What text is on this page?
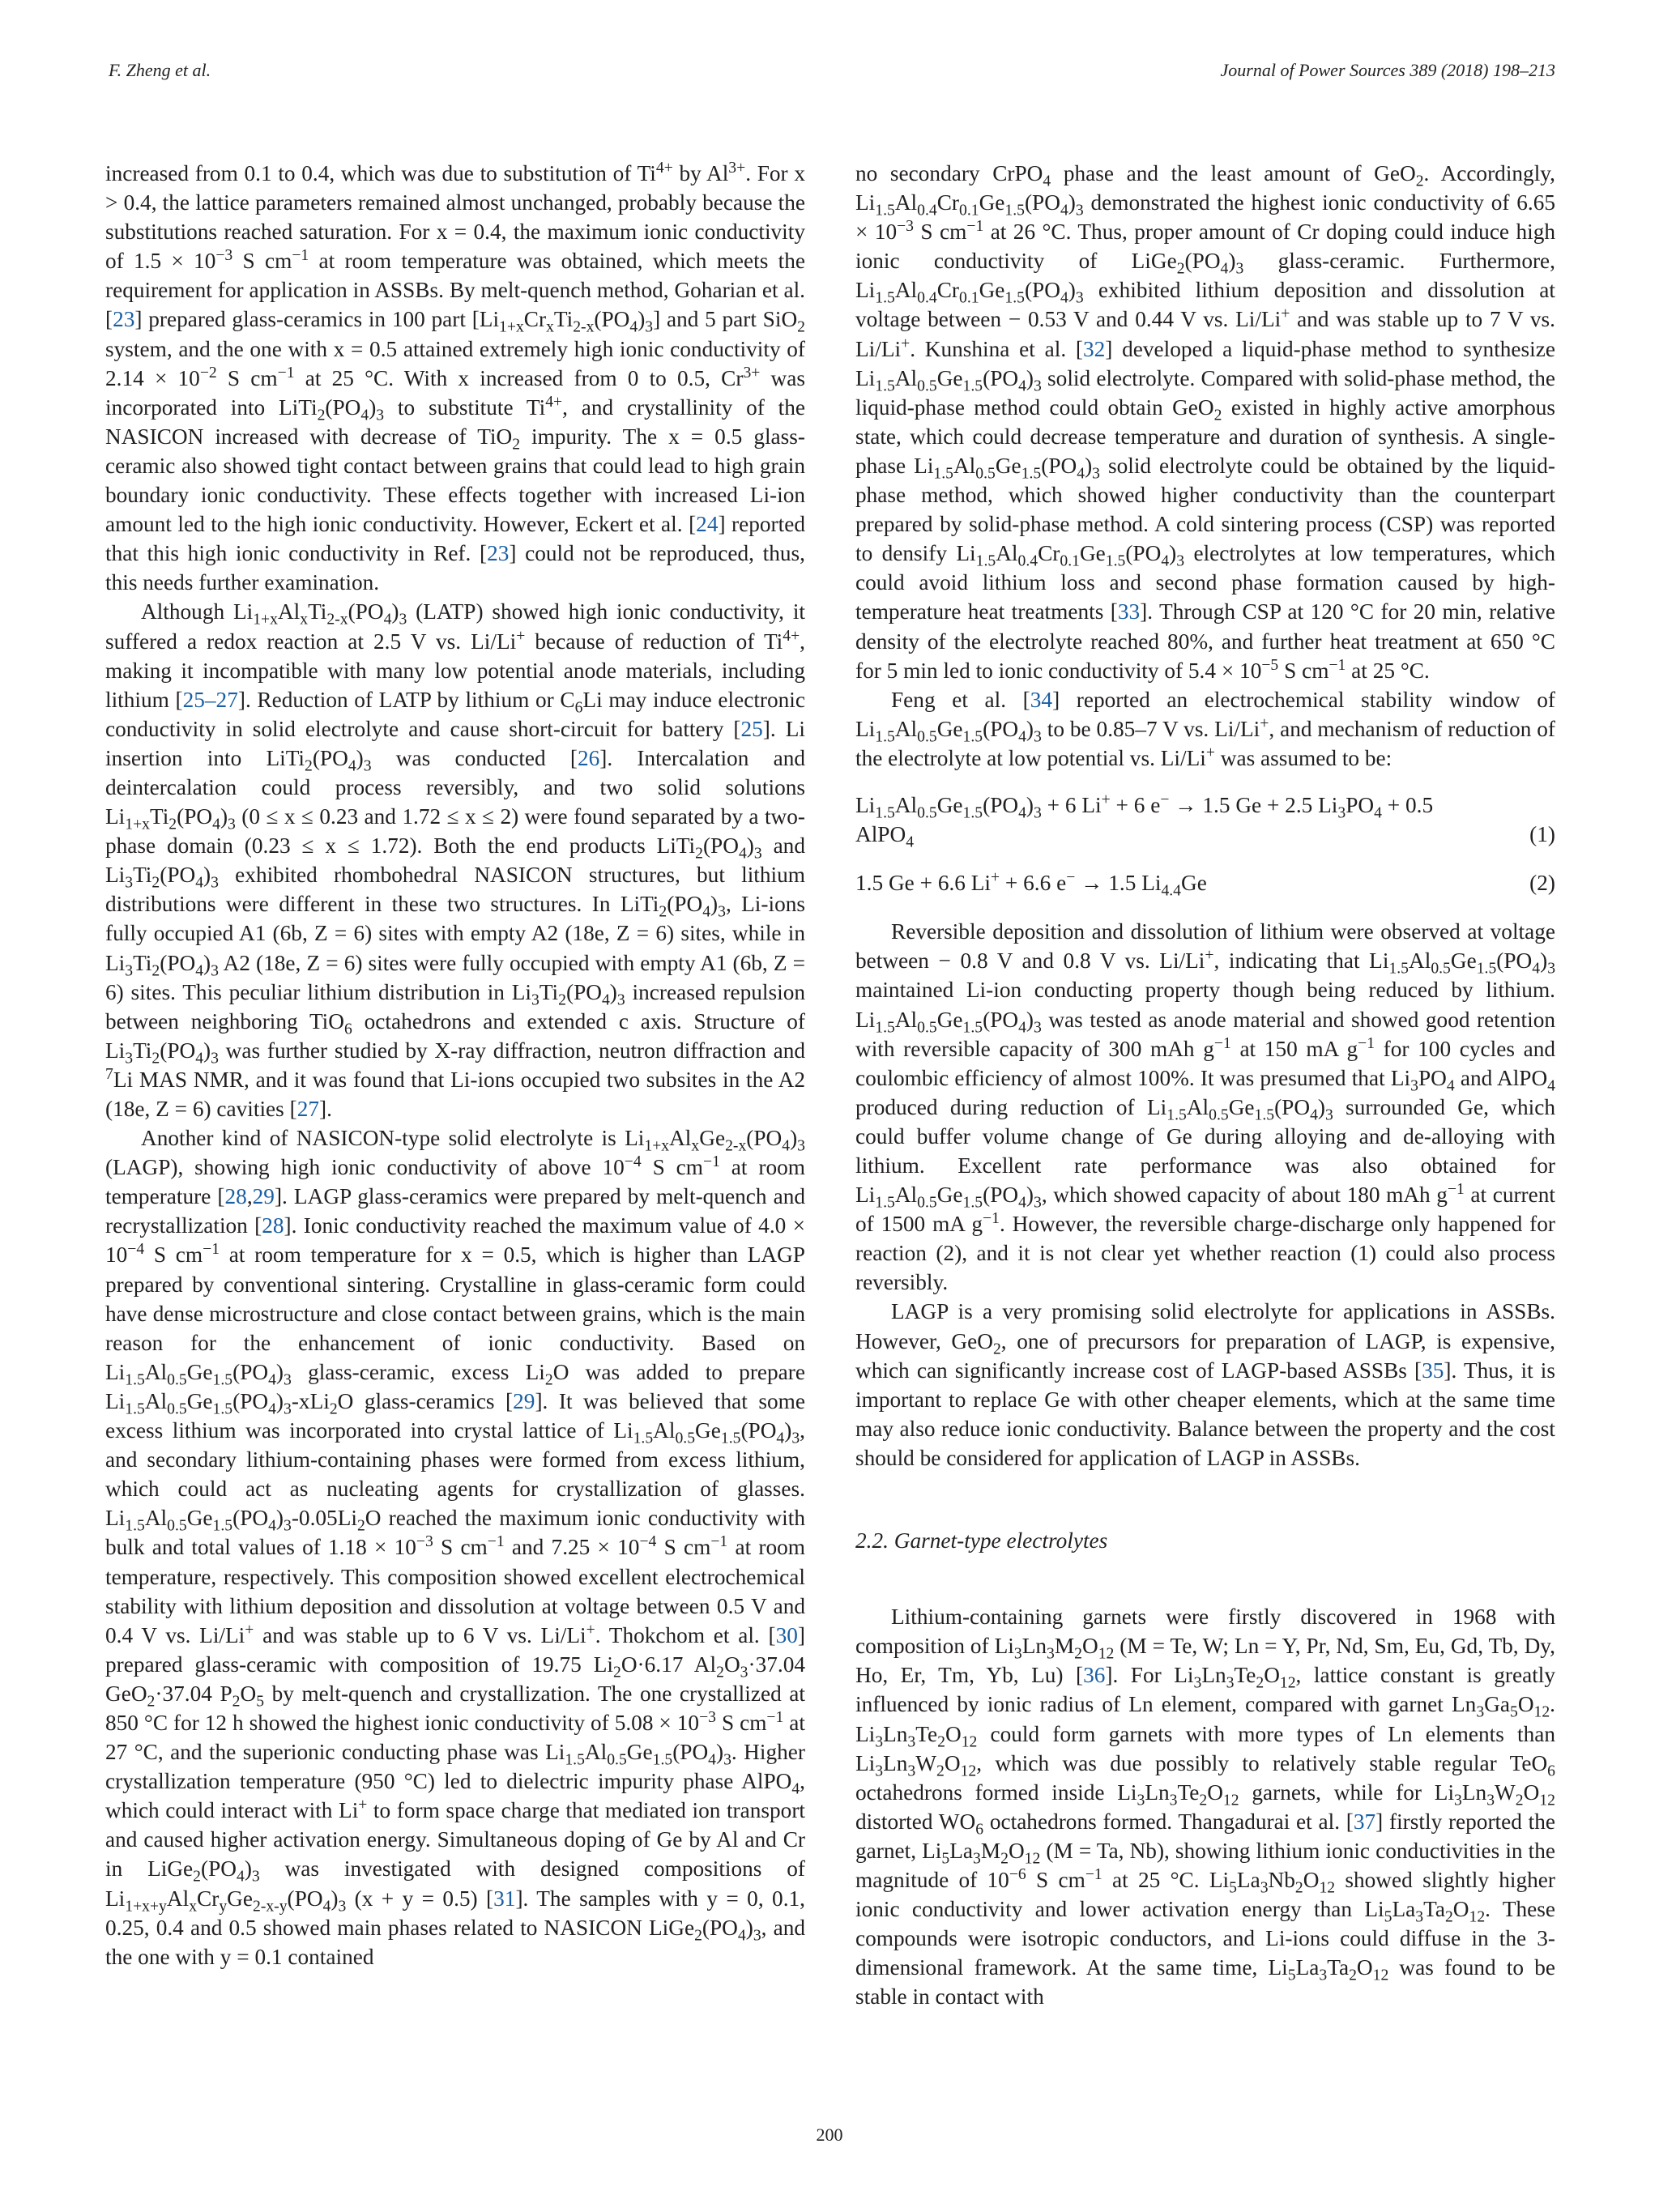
F. Zheng et al.	Journal of Power Sources 389 (2018) 198–213

increased from 0.1 to 0.4, which was due to substitution of $Ti^{4+}$ by $Al^{3+}$. For x > 0.4, the lattice parameters remained almost unchanged, probably because the substitutions reached saturation. For x = 0.4, the maximum ionic conductivity of $1.5 \times 10^{-3}$ S $cm^{-1}$ at room temperature was obtained, which meets the requirement for application in ASSBs. By melt-quench method, Goharian et al. [23] prepared glass-ceramics in 100 part $[Li_{1+x}Cr_xTi_{2-x}(PO_4)_3]$ and 5 part SiO$_2$ system, and the one with x = 0.5 attained extremely high ionic conductivity of $2.14 \times 10^{-2}$ S $cm^{-1}$ at 25 °C. With x increased from 0 to 0.5, $Cr^{3+}$ was incorporated into $LiTi_2(PO_4)_3$ to substitute $Ti^{4+}$, and crystallinity of the NASICON increased with decrease of TiO$_2$ impurity. The x = 0.5 glass-ceramic also showed tight contact between grains that could lead to high grain boundary ionic conductivity. These effects together with increased Li-ion amount led to the high ionic conductivity. However, Eckert et al. [24] reported that this high ionic conductivity in Ref. [23] could not be reproduced, thus, this needs further examination.

Although $Li_{1+x}Al_xTi_{2-x}(PO_4)_3$ (LATP) showed high ionic conductivity, it suffered a redox reaction at 2.5 V vs. Li/Li+ because of reduction of $Ti^{4+}$, making it incompatible with many low potential anode materials, including lithium [25–27]. Reduction of LATP by lithium or $C_6Li$ may induce electronic conductivity in solid electrolyte and cause short-circuit for battery [25]. Li insertion into $LiTi_2(PO_4)_3$ was conducted [26]. Intercalation and deintercalation could process reversibly, and two solid solutions $Li_{1+x}Ti_2(PO_4)_3$ (0 ≤ x ≤ 0.23 and 1.72 ≤ x ≤ 2) were found separated by a two-phase domain (0.23 ≤ x ≤ 1.72). Both the end products $LiTi_2(PO_4)_3$ and $Li_3Ti_2(PO_4)_3$ exhibited rhombohedral NASICON structures, but lithium distributions were different in these two structures. In $LiTi_2(PO_4)_3$, Li-ions fully occupied A1 (6b, Z = 6) sites with empty A2 (18e, Z = 6) sites, while in $Li_3Ti_2(PO_4)_3$ A2 (18e, Z = 6) sites were fully occupied with empty A1 (6b, Z = 6) sites. This peculiar lithium distribution in $Li_3Ti_2(PO_4)_3$ increased repulsion between neighboring TiO$_6$ octahedrons and extended c axis. Structure of $Li_3Ti_2(PO_4)_3$ was further studied by X-ray diffraction, neutron diffraction and $^7$Li MAS NMR, and it was found that Li-ions occupied two subsites in the A2 (18e, Z = 6) cavities [27].

Another kind of NASICON-type solid electrolyte is $Li_{1+x}Al_xGe_{2-x}(PO_4)_3$ (LAGP), showing high ionic conductivity of above $10^{-4}$ S $cm^{-1}$ at room temperature [28,29]. LAGP glass-ceramics were prepared by melt-quench and recrystallization [28]. Ionic conductivity reached the maximum value of $4.0 \times 10^{-4}$ S $cm^{-1}$ at room temperature for x = 0.5, which is higher than LAGP prepared by conventional sintering. Crystalline in glass-ceramic form could have dense microstructure and close contact between grains, which is the main reason for the enhancement of ionic conductivity. Based on $Li_{1.5}Al_{0.5}Ge_{1.5}(PO_4)_3$ glass-ceramic, excess $Li_2O$ was added to prepare $Li_{1.5}Al_{0.5}Ge_{1.5}(PO_4)_3-xLi_2O$ glass-ceramics [29]. It was believed that some excess lithium was incorporated into crystal lattice of $Li_{1.5}Al_{0.5}Ge_{1.5}(PO_4)_3$, and secondary lithium-containing phases were formed from excess lithium, which could act as nucleating agents for crystallization of glasses. $Li_{1.5}Al_{0.5}Ge_{1.5}(PO_4)_3-0.05Li_2O$ reached the maximum ionic conductivity with bulk and total values of $1.18 \times 10^{-3}$ S $cm^{-1}$ and $7.25 \times 10^{-4}$ S $cm^{-1}$ at room temperature, respectively. This composition showed excellent electrochemical stability with lithium deposition and dissolution at voltage between 0.5 V and 0.4 V vs. Li/Li+ and was stable up to 6 V vs. Li/Li+. Thokchom et al. [30] prepared glass-ceramic with composition of 19.75 $Li_2O\cdot 6.17$ $Al_2O_3\cdot 37.04$ GeO$_2$·37.04 $P_2O_5$ by melt-quench and crystallization. The one crystallized at 850 °C for 12 h showed the highest ionic conductivity of $5.08 \times 10^{-3}$ S $cm^{-1}$ at 27 °C, and the superionic conducting phase was $Li_{1.5}Al_{0.5}Ge_{1.5}(PO_4)_3$. Higher crystallization temperature (950 °C) led to dielectric impurity phase AlPO$_4$, which could interact with Li+ to form space charge that mediated ion transport and caused higher activation energy. Simultaneous doping of Ge by Al and Cr in $LiGe_2(PO_4)_3$ was investigated with designed compositions of $Li_{1+x+y}Al_xCr_yGe_{2-x-y}(PO_4)_3$ (x + y = 0.5) [31]. The samples with y = 0, 0.1, 0.25, 0.4 and 0.5 showed main phases related to NASICON $LiGe_2(PO_4)_3$, and the one with y = 0.1 contained

no secondary CrPO$_4$ phase and the least amount of GeO$_2$. Accordingly, $Li_{1.5}Al_{0.4}Cr_{0.1}Ge_{1.5}(PO_4)_3$ demonstrated the highest ionic conductivity of $6.65 \times 10^{-3}$ S $cm^{-1}$ at 26 °C. Thus, proper amount of Cr doping could induce high ionic conductivity of $LiGe_2(PO_4)_3$ glass-ceramic. Furthermore, $Li_{1.5}Al_{0.4}Cr_{0.1}Ge_{1.5}(PO_4)_3$ exhibited lithium deposition and dissolution at voltage between − 0.53 V and 0.44 V vs. Li/Li+ and was stable up to 7 V vs. Li/Li+. Kunshina et al. [32] developed a liquid-phase method to synthesize $Li_{1.5}Al_{0.5}Ge_{1.5}(PO_4)_3$ solid electrolyte. Compared with solid-phase method, the liquid-phase method could obtain GeO$_2$ existed in highly active amorphous state, which could decrease temperature and duration of synthesis. A single-phase $Li_{1.5}Al_{0.5}Ge_{1.5}(PO_4)_3$ solid electrolyte could be obtained by the liquid-phase method, which showed higher conductivity than the counterpart prepared by solid-phase method. A cold sintering process (CSP) was reported to densify $Li_{1.5}Al_{0.4}Cr_{0.1}Ge_{1.5}(PO_4)_3$ electrolytes at low temperatures, which could avoid lithium loss and second phase formation caused by high-temperature heat treatments [33]. Through CSP at 120 °C for 20 min, relative density of the electrolyte reached 80%, and further heat treatment at 650 °C for 5 min led to ionic conductivity of $5.4 \times 10^{-5}$ S $cm^{-1}$ at 25 °C.

Feng et al. [34] reported an electrochemical stability window of $Li_{1.5}Al_{0.5}Ge_{1.5}(PO_4)_3$ to be 0.85–7 V vs. Li/Li+, and mechanism of reduction of the electrolyte at low potential vs. Li/Li+ was assumed to be:

$Li_{1.5}Al_{0.5}Ge_{1.5}(PO_4)_3 + 6$ Li+ + 6 e− → 1.5 Ge + 2.5 $Li_3PO_4 + 0.5$
AlPO$_4$	(1)
1.5 Ge + 6.6 Li+ + 6.6 e− → 1.5 $Li_{4.4}Ge$	(2)

Reversible deposition and dissolution of lithium were observed at voltage between − 0.8 V and 0.8 V vs. Li/Li+, indicating that $Li_{1.5}Al_{0.5}Ge_{1.5}(PO_4)_3$ maintained Li-ion conducting property though being reduced by lithium. $Li_{1.5}Al_{0.5}Ge_{1.5}(PO_4)_3$ was tested as anode material and showed good retention with reversible capacity of 300 mAh $g^{-1}$ at 150 mA $g^{-1}$ for 100 cycles and coulombic efficiency of almost 100%. It was presumed that $Li_3PO_4$ and AlPO$_4$ produced during reduction of $Li_{1.5}Al_{0.5}Ge_{1.5}(PO_4)_3$ surrounded Ge, which could buffer volume change of Ge during alloying and de-alloying with lithium. Excellent rate performance was also obtained for $Li_{1.5}Al_{0.5}Ge_{1.5}(PO_4)_3$, which showed capacity of about 180 mAh $g^{-1}$ at current of 1500 mA $g^{-1}$. However, the reversible charge-discharge only happened for reaction (2), and it is not clear yet whether reaction (1) could also process reversibly.

LAGP is a very promising solid electrolyte for applications in ASSBs. However, GeO$_2$, one of precursors for preparation of LAGP, is expensive, which can significantly increase cost of LAGP-based ASSBs [35]. Thus, it is important to replace Ge with other cheaper elements, which at the same time may also reduce ionic conductivity. Balance between the property and the cost should be considered for application of LAGP in ASSBs.

2.2. Garnet-type electrolytes

Lithium-containing garnets were firstly discovered in 1968 with composition of $Li_3Ln_3M_2O_{12}$ (M = Te, W; Ln = Y, Pr, Nd, Sm, Eu, Gd, Tb, Dy, Ho, Er, Tm, Yb, Lu) [36]. For $Li_3Ln_3Te_2O_{12}$, lattice constant is greatly influenced by ionic radius of Ln element, compared with garnet $Ln_3Ga_5O_{12}$. $Li_3Ln_3Te_2O_{12}$ could form garnets with more types of Ln elements than $Li_3Ln_3W_2O_{12}$, which was due possibly to relatively stable regular TeO$_6$ octahedrons formed inside $Li_3Ln_3Te_2O_{12}$ garnets, while for $Li_3Ln_3W_2O_{12}$ distorted $WO_6$ octahedrons formed. Thangadurai et al. [37] firstly reported the garnet, $Li_5La_3M_2O_{12}$ (M = Ta, Nb), showing lithium ionic conductivities in the magnitude of $10^{-6}$ S $cm^{-1}$ at 25 °C. $Li_5La_3Nb_2O_{12}$ showed slightly higher ionic conductivity and lower activation energy than $Li_5La_3Ta_2O_{12}$. These compounds were isotropic conductors, and Li-ions could diffuse in the 3-dimensional framework. At the same time, $Li_5La_3Ta_2O_{12}$ was found to be stable in contact with

200
